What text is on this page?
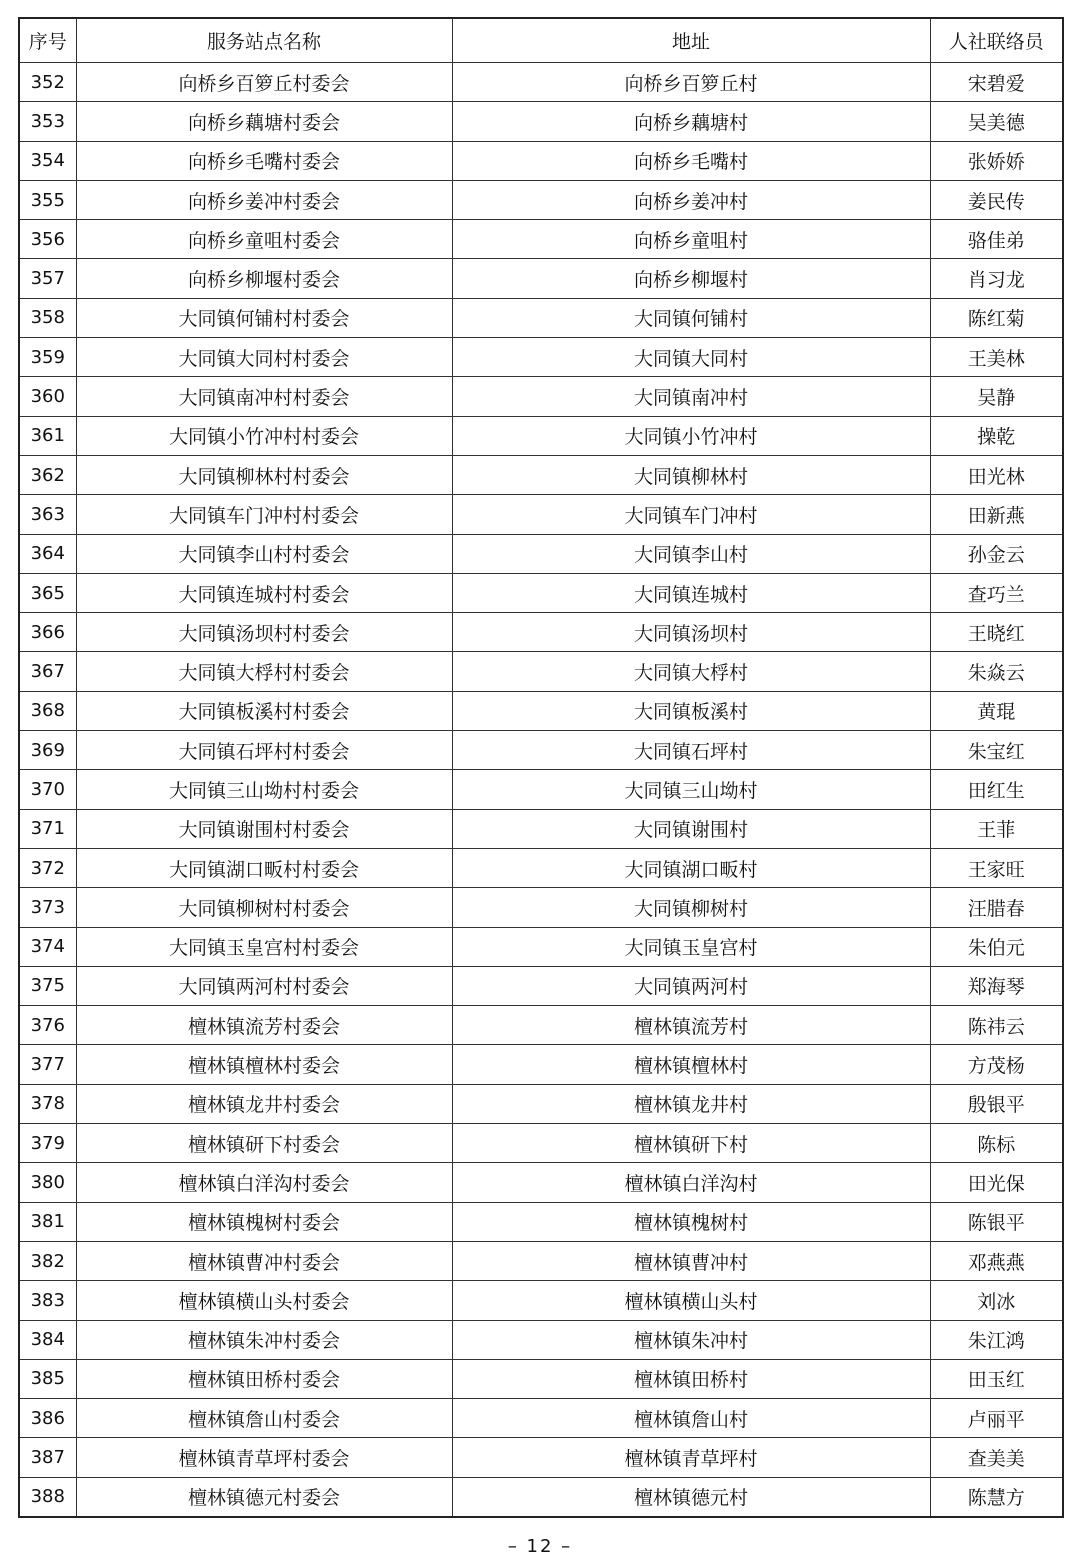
序号	服务站点名称	地址	人社联络员
352	向桥乡百箩丘村委会	向桥乡百箩丘村	宋碧爱
353	向桥乡藕塘村委会	向桥乡藕塘村	吴美德
354	向桥乡毛嘴村委会	向桥乡毛嘴村	张娇娇
355	向桥乡姜冲村委会	向桥乡姜冲村	姜民传
356	向桥乡童咀村委会	向桥乡童咀村	骆佳弟
357	向桥乡柳堰村委会	向桥乡柳堰村	肖习龙
358	大同镇何铺村村委会	大同镇何铺村	陈红菊
359	大同镇大同村村委会	大同镇大同村	王美林
360	大同镇南冲村村委会	大同镇南冲村	吴静
361	大同镇小竹冲村村委会	大同镇小竹冲村	操乾
362	大同镇柳林村村委会	大同镇柳林村	田光林
363	大同镇车门冲村村委会	大同镇车门冲村	田新燕
364	大同镇李山村村委会	大同镇李山村	孙金云
365	大同镇连城村村委会	大同镇连城村	查巧兰
366	大同镇汤坝村村委会	大同镇汤坝村	王晓红
367	大同镇大桴村村委会	大同镇大桴村	朱焱云
368	大同镇板溪村村委会	大同镇板溪村	黄琨
369	大同镇石坪村村委会	大同镇石坪村	朱宝红
370	大同镇三山坳村村委会	大同镇三山坳村	田红生
371	大同镇谢围村村委会	大同镇谢围村	王菲
372	大同镇湖口畈村村委会	大同镇湖口畈村	王家旺
373	大同镇柳树村村委会	大同镇柳树村	汪腊春
374	大同镇玉皇宫村村委会	大同镇玉皇宫村	朱伯元
375	大同镇两河村村委会	大同镇两河村	郑海琴
376	檀林镇流芳村委会	檀林镇流芳村	陈祎云
377	檀林镇檀林村委会	檀林镇檀林村	方茂杨
378	檀林镇龙井村委会	檀林镇龙井村	殷银平
379	檀林镇研下村委会	檀林镇研下村	陈标
380	檀林镇白洋沟村委会	檀林镇白洋沟村	田光保
381	檀林镇槐树村委会	檀林镇槐树村	陈银平
382	檀林镇曹冲村委会	檀林镇曹冲村	邓燕燕
383	檀林镇横山头村委会	檀林镇横山头村	刘冰
384	檀林镇朱冲村委会	檀林镇朱冲村	朱江鸿
385	檀林镇田桥村委会	檀林镇田桥村	田玉红
386	檀林镇詹山村委会	檀林镇詹山村	卢丽平
387	檀林镇青草坪村委会	檀林镇青草坪村	查美美
388	檀林镇德元村委会	檀林镇德元村	陈慧方
– 12 –
